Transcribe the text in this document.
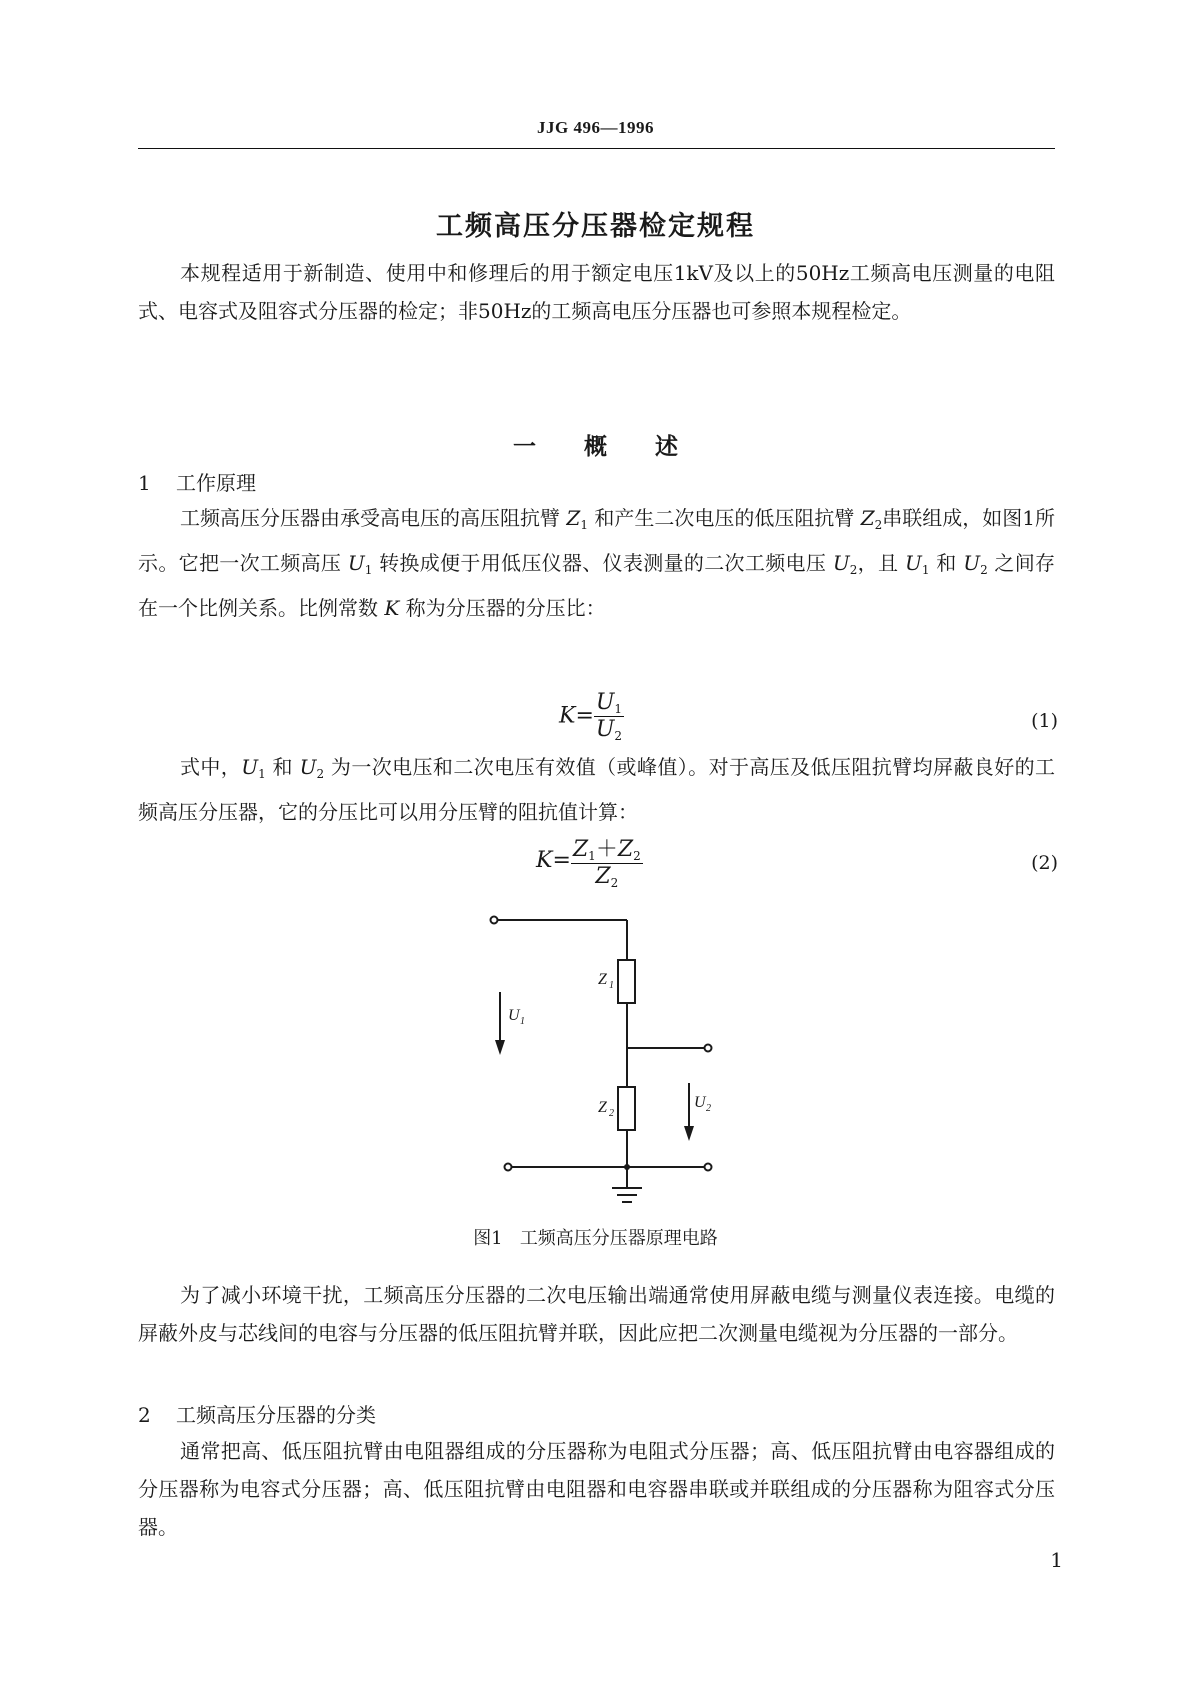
JJG 496—1996
工频高压分压器检定规程
本规程适用于新制造、使用中和修理后的用于额定电压1kV及以上的50Hz工频高电压测量的电阻式、电容式及阻容式分压器的检定；非50Hz的工频高电压分压器也可参照本规程检定。
一 概 述
1 工作原理
工频高压分压器由承受高电压的高压阻抗臂 $Z_1$ 和产生二次电压的低压阻抗臂 $Z_2$串联组成，如图1所示。它把一次工频高压 $U_1$ 转换成便于用低压仪器、仪表测量的二次工频电压 $U_2$，且 $U_1$ 和 $U_2$ 之间存在一个比例关系。比例常数 K 称为分压器的分压比：
$K= \frac{U_1}{U_2}$	(1)
式中，$U_1$ 和 $U_2$ 为一次电压和二次电压有效值（或峰值）。对于高压及低压阻抗臂均屏蔽良好的工频高压分压器，它的分压比可以用分压臂的阻抗值计算：
$K= \frac{Z_1+Z_2}{Z_2}$	(2)
Z 1
Z 2
U 1
U 2
图1 工频高压分压器原理电路
为了减小环境干扰，工频高压分压器的二次电压输出端通常使用屏蔽电缆与测量仪表连接。电缆的屏蔽外皮与芯线间的电容与分压器的低压阻抗臂并联，因此应把二次测量电缆视为分压器的一部分。
2 工频高压分压器的分类
通常把高、低压阻抗臂由电阻器组成的分压器称为电阻式分压器；高、低压阻抗臂由电容器组成的分压器称为电容式分压器；高、低压阻抗臂由电阻器和电容器串联或并联组成的分压器称为阻容式分压器。
1
